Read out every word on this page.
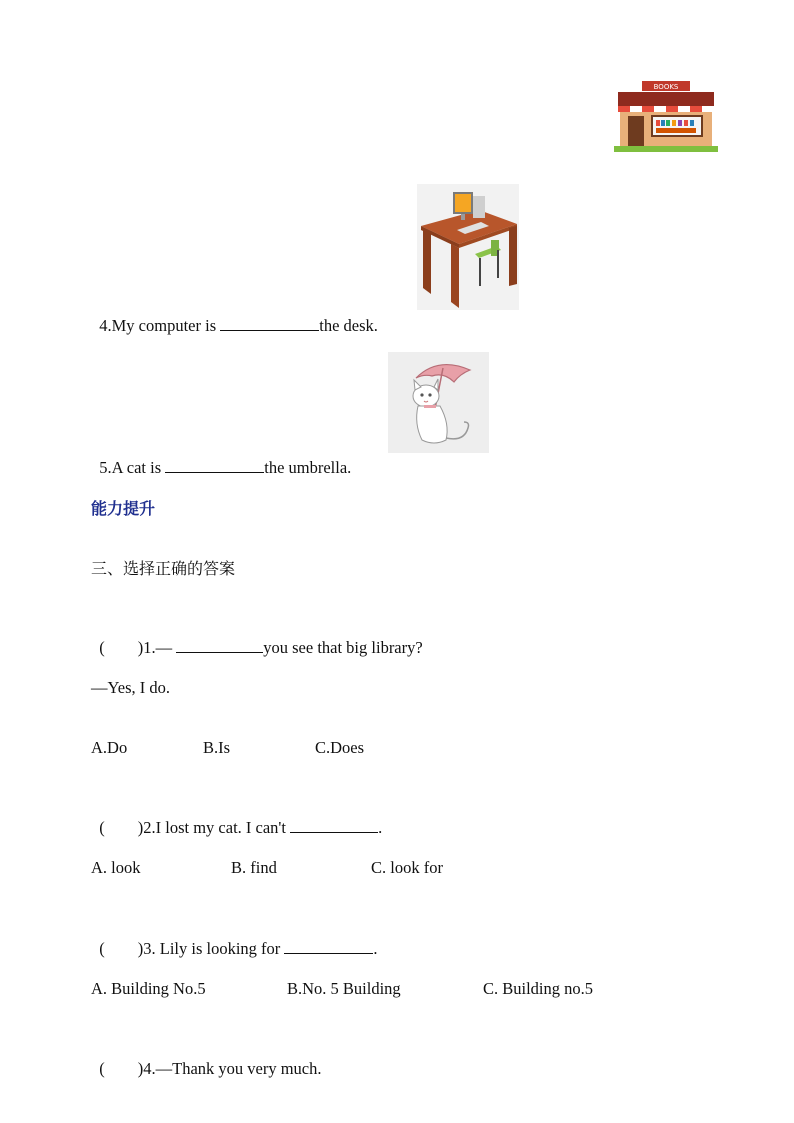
BOOKS

4.My computer is	the desk.

5.A cat is	the umbrella.

能力提升
三、选择正确的答案

(        )1.—	you see that big library?

—Yes, I do.
A.Do	B.Is	C.Does

(        )2.I lost my cat. I can't	.

A. look	B. find	C. look for

(        )3. Lily is looking for	.

A. Building No.5	B.No. 5 Building	C. Building no.5

(        )4.—Thank you very much.
